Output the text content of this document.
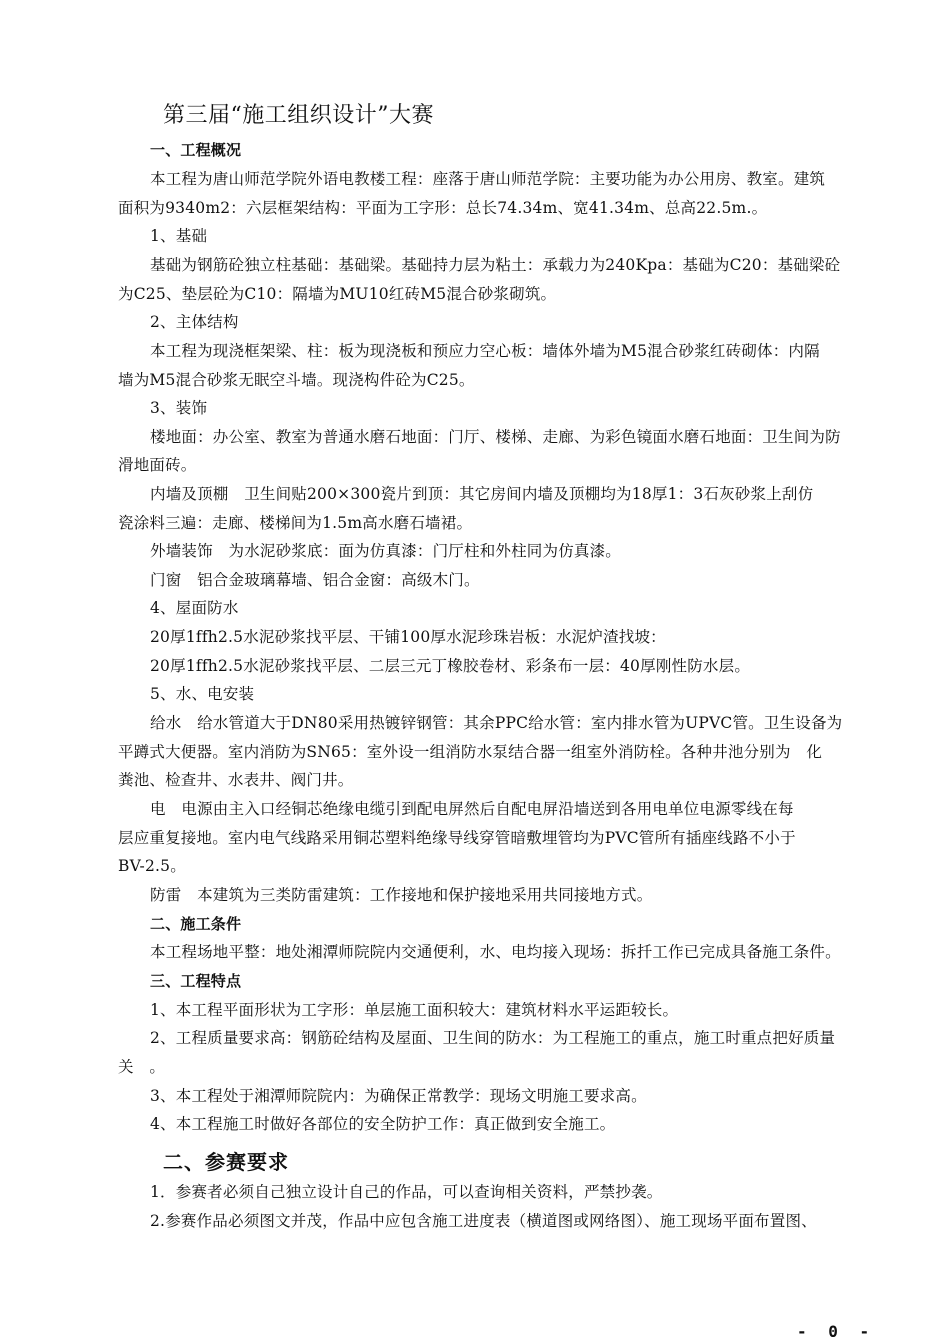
第三届“施工组织设计”大赛
一、工程概况
本工程为唐山师范学院外语电教楼工程：座落于唐山师范学院：主要功能为办公用房、教室。建筑
面积为9340m2：六层框架结构：平面为工字形：总长74.34m、宽41.34m、总高22.5m.。
1、基础
基础为钢筋砼独立柱基础：基础梁。基础持力层为粘土：承载力为240Kpa：基础为C20：基础梁砼
为C25、垫层砼为C10：隔墙为MU10红砖M5混合砂浆砌筑。
2、主体结构
本工程为现浇框架梁、柱：板为现浇板和预应力空心板：墙体外墙为M5混合砂浆红砖砌体：内隔
墙为M5混合砂浆无眠空斗墙。现浇构件砼为C25。
3、装饰
楼地面：办公室、教室为普通水磨石地面：门厅、楼梯、走廊、为彩色镜面水磨石地面：卫生间为防
滑地面砖。
内墙及顶棚　卫生间贴200×300瓷片到顶：其它房间内墙及顶棚均为18厚1：3石灰砂浆上刮仿
瓷涂料三遍：走廊、楼梯间为1.5m高水磨石墙裙。
外墙装饰　为水泥砂浆底：面为仿真漆：门厅柱和外柱同为仿真漆。
门窗　铝合金玻璃幕墙、铝合金窗：高级木门。
4、屋面防水
20厚1ffh2.5水泥砂浆找平层、干铺100厚水泥珍珠岩板：水泥炉渣找坡：
20厚1ffh2.5水泥砂浆找平层、二层三元丁橡胶卷材、彩条布一层：40厚刚性防水层。
5、水、电安装
给水　给水管道大于DN80采用热镀锌钢管：其余PPC给水管：室内排水管为UPVC管。卫生设备为
平蹲式大便器。室内消防为SN65：室外设一组消防水泵结合器一组室外消防栓。各种井池分别为　化
粪池、检查井、水表井、阀门井。
电　电源由主入口经铜芯绝缘电缆引到配电屏然后自配电屏沿墙送到各用电单位电源零线在每
层应重复接地。室内电气线路采用铜芯塑料绝缘导线穿管暗敷埋管均为PVC管所有插座线路不小于
BV-2.5。
防雷　本建筑为三类防雷建筑：工作接地和保护接地采用共同接地方式。
二、施工条件
本工程场地平整：地处湘潭师院院内交通便利，水、电均接入现场：拆扦工作已完成具备施工条件。
三、工程特点
1、本工程平面形状为工字形：单层施工面积较大：建筑材料水平运距较长。
2、工程质量要求高：钢筋砼结构及屋面、卫生间的防水：为工程施工的重点，施工时重点把好质量
关　。
3、本工程处于湘潭师院院内：为确保正常教学：现场文明施工要求高。
4、本工程施工时做好各部位的安全防护工作：真正做到安全施工。
二、参赛要求
1．参赛者必须自己独立设计自己的作品，可以查询相关资料，严禁抄袭。
2.参赛作品必须图文并茂，作品中应包含施工进度表（横道图或网络图）、施工现场平面布置图、
- 0 -
